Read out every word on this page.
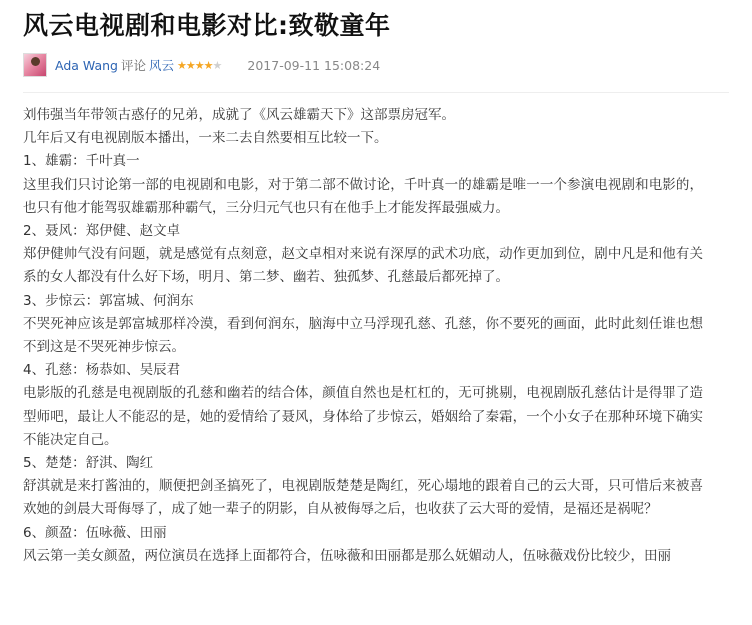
风云电视剧和电影对比:致敬童年
Ada Wang 评论 风云 ★ ★ ★ ★ ★ 2017-09-11 15:08:24

刘伟强当年带领古惑仔的兄弟，成就了《风云雄霸天下》这部票房冠军。

几年后又有电视剧版本播出，一来二去自然要相互比较一下。

1、雄霸：千叶真一

这里我们只讨论第一部的电视剧和电影，对于第二部不做讨论，千叶真一的雄霸是唯一一个参演电视剧和电影的，也只有他才能驾驭雄霸那种霸气，三分归元气也只有在他手上才能发挥最强威力。

2、聂风：郑伊健、赵文卓

郑伊健帅气没有问题，就是感觉有点刻意，赵文卓相对来说有深厚的武术功底，动作更加到位，剧中凡是和他有关系的女人都没有什么好下场，明月、第二梦、幽若、独孤梦、孔慈最后都死掉了。

3、步惊云：郭富城、何润东

不哭死神应该是郭富城那样冷漠，看到何润东，脑海中立马浮现孔慈、孔慈，你不要死的画面，此时此刻任谁也想不到这是不哭死神步惊云。

4、孔慈：杨恭如、吴辰君

电影版的孔慈是电视剧版的孔慈和幽若的结合体，颜值自然也是杠杠的，无可挑剔，电视剧版孔慈估计是得罪了造型师吧，最让人不能忍的是，她的爱情给了聂风，身体给了步惊云，婚姻给了秦霜，一个小女子在那种环境下确实不能决定自己。

5、楚楚：舒淇、陶红

舒淇就是来打酱油的，顺便把剑圣搞死了，电视剧版楚楚是陶红，死心塌地的跟着自己的云大哥，只可惜后来被喜欢她的剑晨大哥侮辱了，成了她一辈子的阴影，自从被侮辱之后，也收获了云大哥的爱情，是福还是祸呢？

6、颜盈：伍咏薇、田丽

风云第一美女颜盈，两位演员在选择上面都符合，伍咏薇和田丽都是那么妩媚动人，伍咏薇戏份比较少，田丽
